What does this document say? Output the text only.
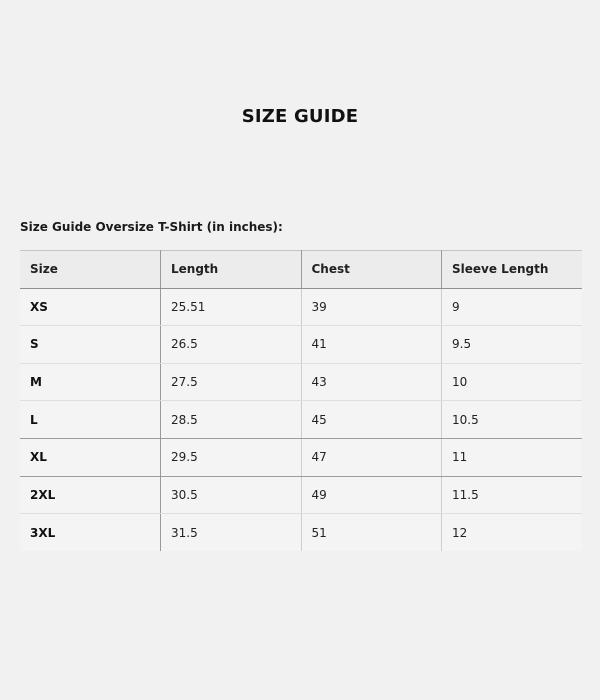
SIZE GUIDE
Size Guide Oversize T-Shirt (in inches):
Size	Length	Chest	Sleeve Length
XS	25.51	39	9
S	26.5	41	9.5
M	27.5	43	10
L	28.5	45	10.5
XL	29.5	47	11
2XL	30.5	49	11.5
3XL	31.5	51	12
